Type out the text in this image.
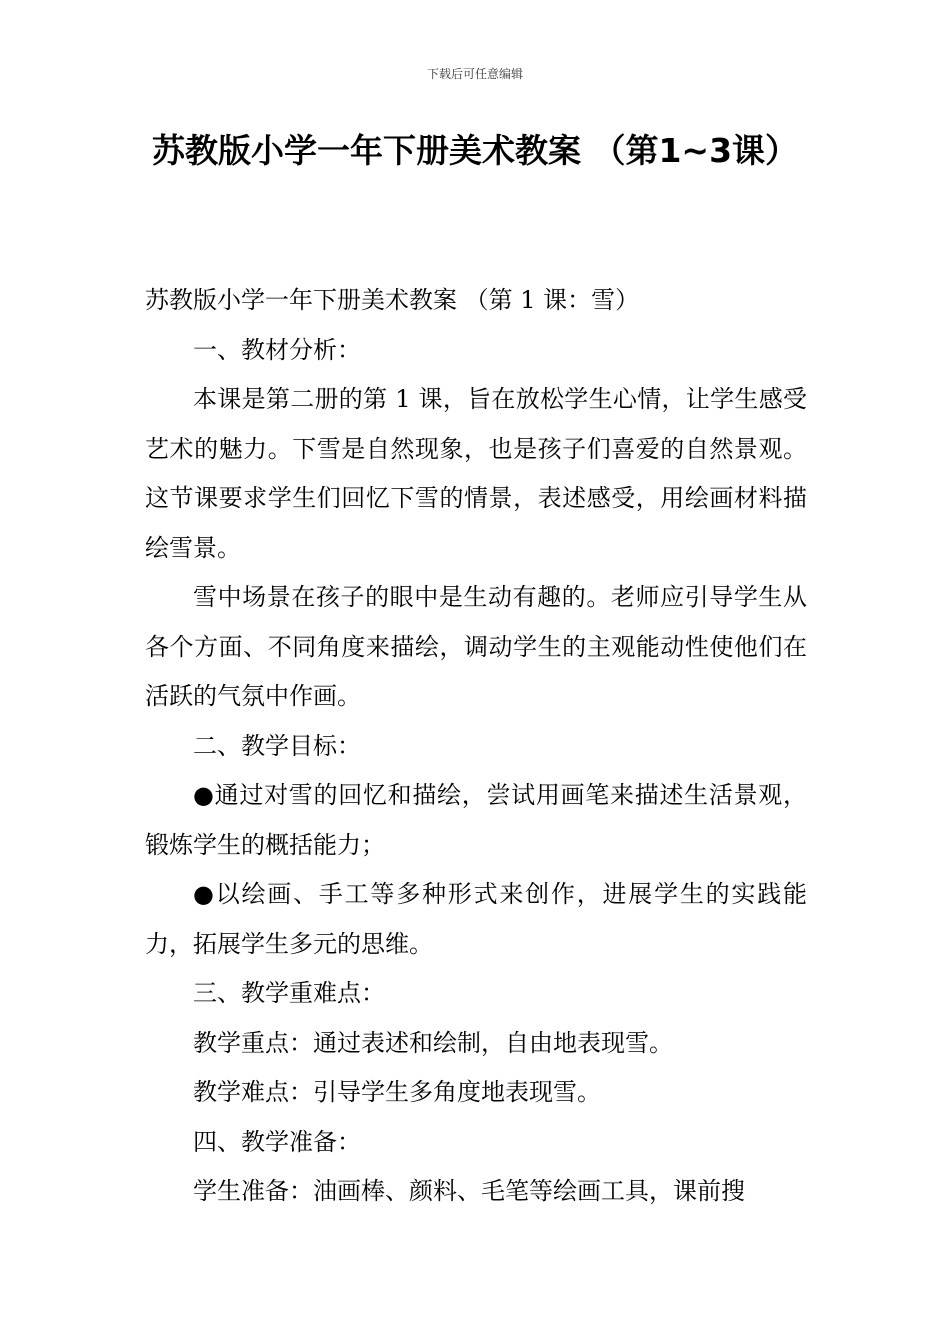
下载后可任意编辑
苏教版小学一年下册美术教案 （第1~3课）

苏教版小学一年下册美术教案 （第 1 课：雪）

一、教材分析：

本课是第二册的第 1 课，旨在放松学生心情，让学生感受艺术的魅力。下雪是自然现象，也是孩子们喜爱的自然景观。这节课要求学生们回忆下雪的情景，表述感受，用绘画材料描绘雪景。

雪中场景在孩子的眼中是生动有趣的。老师应引导学生从各个方面、不同角度来描绘，调动学生的主观能动性使他们在活跃的气氛中作画。

二、教学目标：

●通过对雪的回忆和描绘，尝试用画笔来描述生活景观，锻炼学生的概括能力；

●以绘画、手工等多种形式来创作，进展学生的实践能力，拓展学生多元的思维。

三、教学重难点：

教学重点：通过表述和绘制，自由地表现雪。

教学难点：引导学生多角度地表现雪。

四、教学准备：

学生准备：油画棒、颜料、毛笔等绘画工具，课前搜
